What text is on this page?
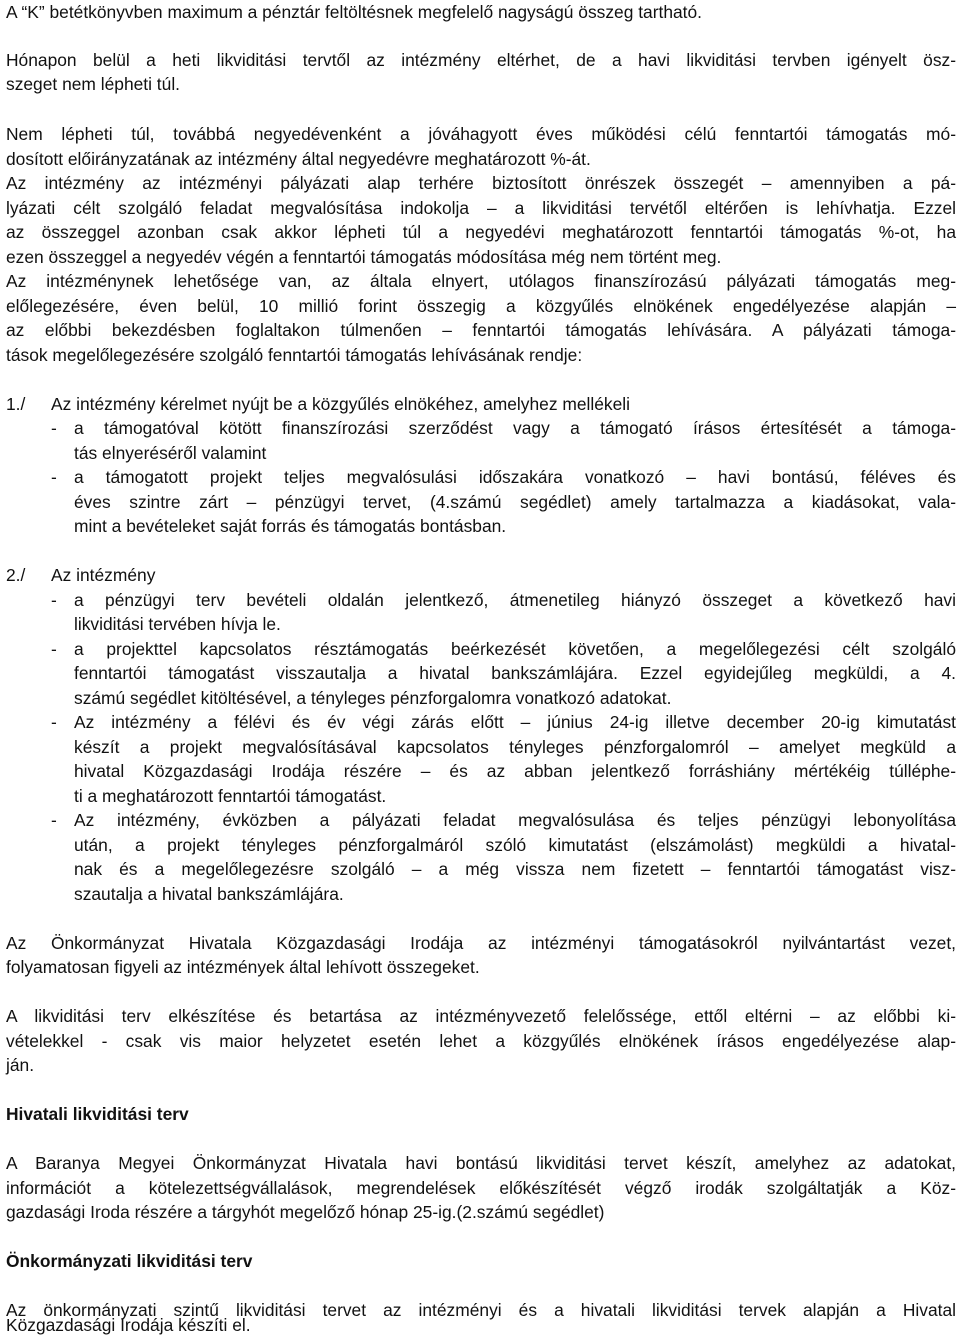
A “K” betétkönyvben maximum a pénztár feltöltésnek megfelelő nagyságú összeg tartható.
Hónapon belül a heti likviditási tervtől az intézmény eltérhet, de a havi likviditási tervben igényelt ösz-
szeget nem lépheti túl.
Nem lépheti túl, továbbá negyedévenként a jóváhagyott éves működési célú fenntartói támogatás mó-
dosított előirányzatának az intézmény által negyedévre meghatározott %-át.
Az intézmény az intézményi pályázati alap terhére biztosított önrészek összegét – amennyiben a pá-
lyázati célt szolgáló feladat megvalósítása indokolja – a likviditási tervétől eltérően is lehívhatja. Ezzel
az összeggel azonban csak akkor lépheti túl a negyedévi meghatározott fenntartói támogatás %-ot, ha
ezen összeggel a negyedév végén a fenntartói támogatás módosítása még nem történt meg.
Az intézménynek lehetősége van, az általa elnyert, utólagos finanszírozású pályázati támogatás meg-
előlegezésére, éven belül, 10 millió forint összegig a közgyűlés elnökének engedélyezése alapján –
az előbbi bekezdésben foglaltakon túlmenően – fenntartói támogatás lehívására. A pályázati támoga-
tások megelőlegezésére szolgáló fenntartói támogatás lehívásának rendje:
1./ Az intézmény kérelmet nyújt be a közgyűlés elnökéhez, amelyhez mellékeli
- a támogatóval kötött finanszírozási szerződést vagy a támogató írásos értesítését a támoga-
tás elnyeréséről valamint
- a támogatott projekt teljes megvalósulási időszakára vonatkozó – havi bontású, féléves és
éves szintre zárt – pénzügyi tervet, (4.számú segédlet) amely tartalmazza a kiadásokat, vala-
mint a bevételeket saját forrás és támogatás bontásban.
2./ Az intézmény
- a pénzügyi terv bevételi oldalán jelentkező, átmenetileg hiányzó összeget a következő havi
likviditási tervében hívja le.
- a projekttel kapcsolatos résztámogatás beérkezését követően, a megelőlegezési célt szolgáló
fenntartói támogatást visszautalja a hivatal bankszámlájára. Ezzel egyidejűleg megküldi, a 4.
számú segédlet kitöltésével, a tényleges pénzforgalomra vonatkozó adatokat.
- Az intézmény a félévi és év végi zárás előtt – június 24-ig illetve december 20-ig kimutatást
készít a projekt megvalósításával kapcsolatos tényleges pénzforgalomról – amelyet megküld a
hivatal Közgazdasági Irodája részére – és az abban jelentkező forráshiány mértékéig túlléphe-
ti a meghatározott fenntartói támogatást.
- Az intézmény, évközben a pályázati feladat megvalósulása és teljes pénzügyi lebonyolítása
után, a projekt tényleges pénzforgalmáról szóló kimutatást (elszámolást) megküldi a hivatal-
nak és a megelőlegezésre szolgáló – a még vissza nem fizetett – fenntartói támogatást visz-
szautalja a hivatal bankszámlájára.
Az Önkormányzat Hivatala Közgazdasági Irodája az intézményi támogatásokról nyilvántartást vezet,
folyamatosan figyeli az intézmények által lehívott összegeket.
A likviditási terv elkészítése és betartása az intézményvezető felelőssége, ettől eltérni – az előbbi ki-
vételekkel - csak vis maior helyzetet esetén lehet a közgyűlés elnökének írásos engedélyezése alap-
ján.
Hivatali likviditási terv
A Baranya Megyei Önkormányzat Hivatala havi bontású likviditási tervet készít, amelyhez az adatokat,
információt a kötelezettségvállalások, megrendelések előkészítését végző irodák szolgáltatják a Köz-
gazdasági Iroda részére a tárgyhót megelőző hónap 25-ig.(2.számú segédlet)
Önkormányzati likviditási terv
Az önkormányzati szintű likviditási tervet az intézményi és a hivatali likviditási tervek alapján a Hivatal
Közgazdasági Irodája készíti el.
